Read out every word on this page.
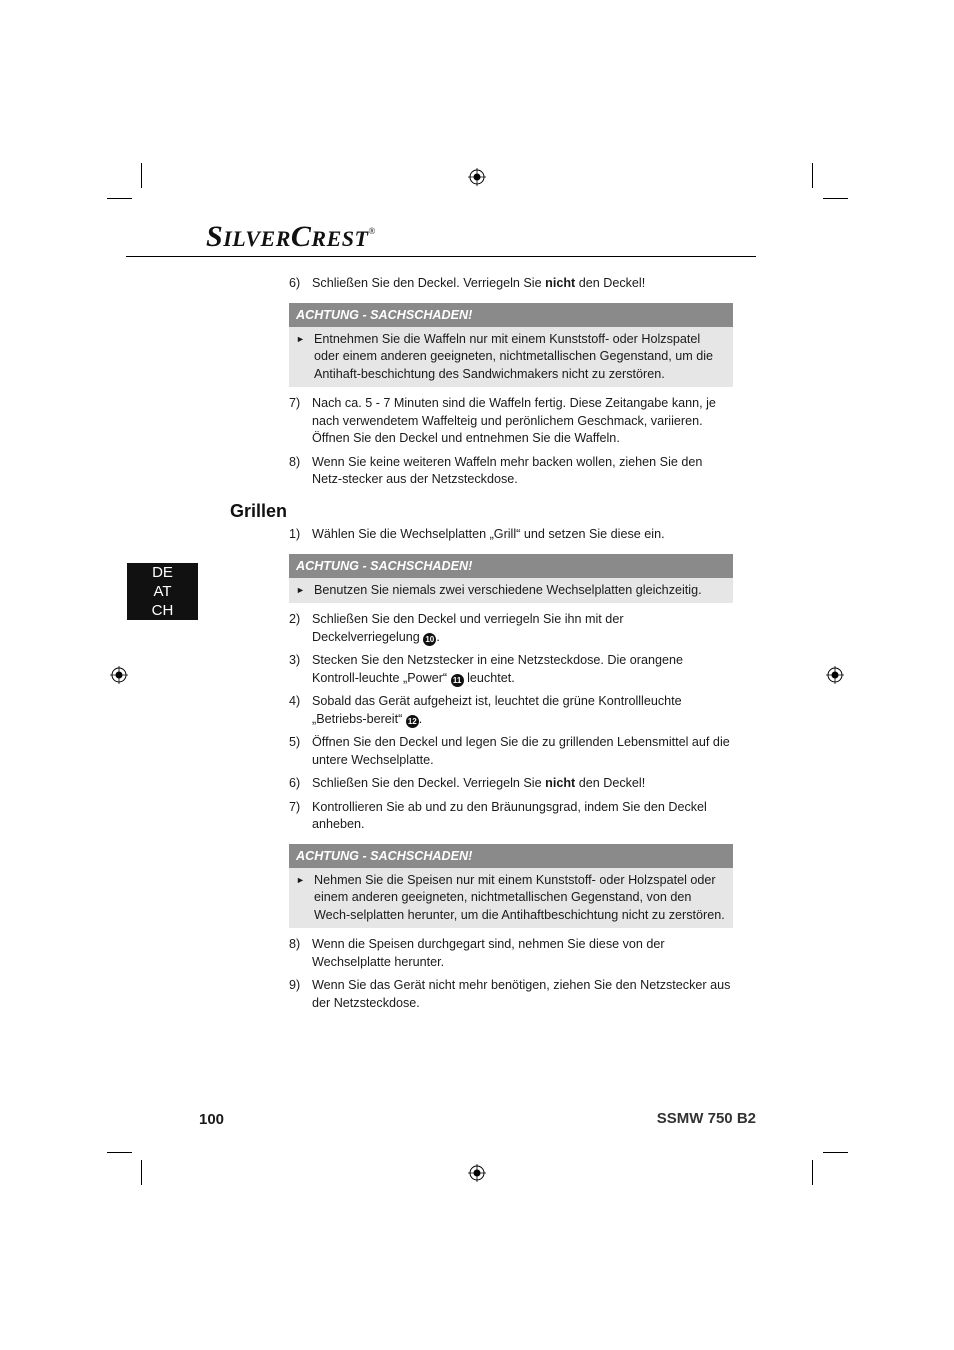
SILVERCREST®
DE
AT
CH
6) Schließen Sie den Deckel. Verriegeln Sie nicht den Deckel!
ACHTUNG - SACHSCHADEN!
► Entnehmen Sie die Waffeln nur mit einem Kunststoff- oder Holzspatel oder einem anderen geeigneten, nichtmetallischen Gegenstand, um die Antihaft-beschichtung des Sandwichmakers nicht zu zerstören.
7) Nach ca. 5 - 7 Minuten sind die Waffeln fertig. Diese Zeitangabe kann, je nach verwendetem Waffelteig und perönlichem Geschmack, variieren. Öffnen Sie den Deckel und entnehmen Sie die Waffeln.
8) Wenn Sie keine weiteren Waffeln mehr backen wollen, ziehen Sie den Netz-stecker aus der Netzsteckdose.
Grillen
1) Wählen Sie die Wechselplatten „Grill“ und setzen Sie diese ein.
ACHTUNG - SACHSCHADEN!
► Benutzen Sie niemals zwei verschiedene Wechselplatten gleichzeitig.
2) Schließen Sie den Deckel und verriegeln Sie ihn mit der Deckelverriegelung 10 .
3) Stecken Sie den Netzstecker in eine Netzsteckdose. Die orangene Kontroll-leuchte „Power“ 11 leuchtet.
4) Sobald das Gerät aufgeheizt ist, leuchtet die grüne Kontrollleuchte „Betriebs-bereit“ 12 .
5) Öffnen Sie den Deckel und legen Sie die zu grillenden Lebensmittel auf die untere Wechselplatte.
6) Schließen Sie den Deckel. Verriegeln Sie nicht den Deckel!
7) Kontrollieren Sie ab und zu den Bräunungsgrad, indem Sie den Deckel anheben.
ACHTUNG - SACHSCHADEN!
► Nehmen Sie die Speisen nur mit einem Kunststoff- oder Holzspatel oder einem anderen geeigneten, nichtmetallischen Gegenstand, von den Wech-selplatten herunter, um die Antihaftbeschichtung nicht zu zerstören.
8) Wenn die Speisen durchgegart sind, nehmen Sie diese von der Wechselplatte herunter.
9) Wenn Sie das Gerät nicht mehr benötigen, ziehen Sie den Netzstecker aus der Netzsteckdose.
100	SSMW 750 B2
